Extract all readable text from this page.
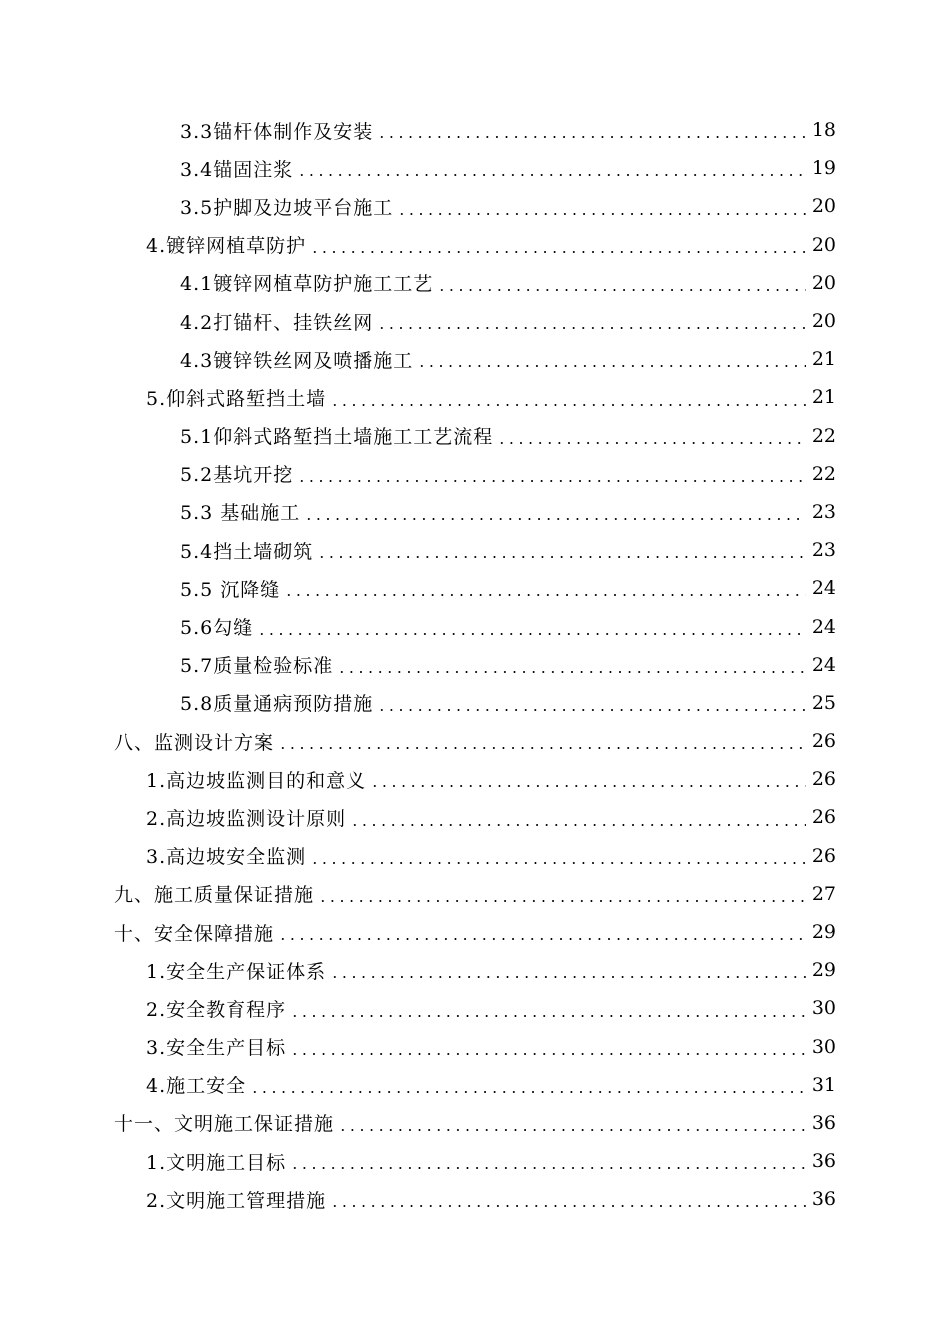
3.3锚杆体制作及安装	18
3.4锚固注浆	19
3.5护脚及边坡平台施工	20
4.镀锌网植草防护	20
4.1镀锌网植草防护施工工艺	20
4.2打锚杆、挂铁丝网	20
4.3镀锌铁丝网及喷播施工	21
5.仰斜式路堑挡土墙	21
5.1仰斜式路堑挡土墙施工工艺流程	22
5.2基坑开挖	22
5.3 基础施工	23
5.4挡土墙砌筑	23
5.5 沉降缝	24
5.6勾缝	24
5.7质量检验标准	24
5.8质量通病预防措施	25
八、监测设计方案	26
1.高边坡监测目的和意义	26
2.高边坡监测设计原则	26
3.高边坡安全监测	26
九、施工质量保证措施	27
十、安全保障措施	29
1.安全生产保证体系	29
2.安全教育程序	30
3.安全生产目标	30
4.施工安全	31
十一、文明施工保证措施	36
1.文明施工目标	36
2.文明施工管理措施	36
